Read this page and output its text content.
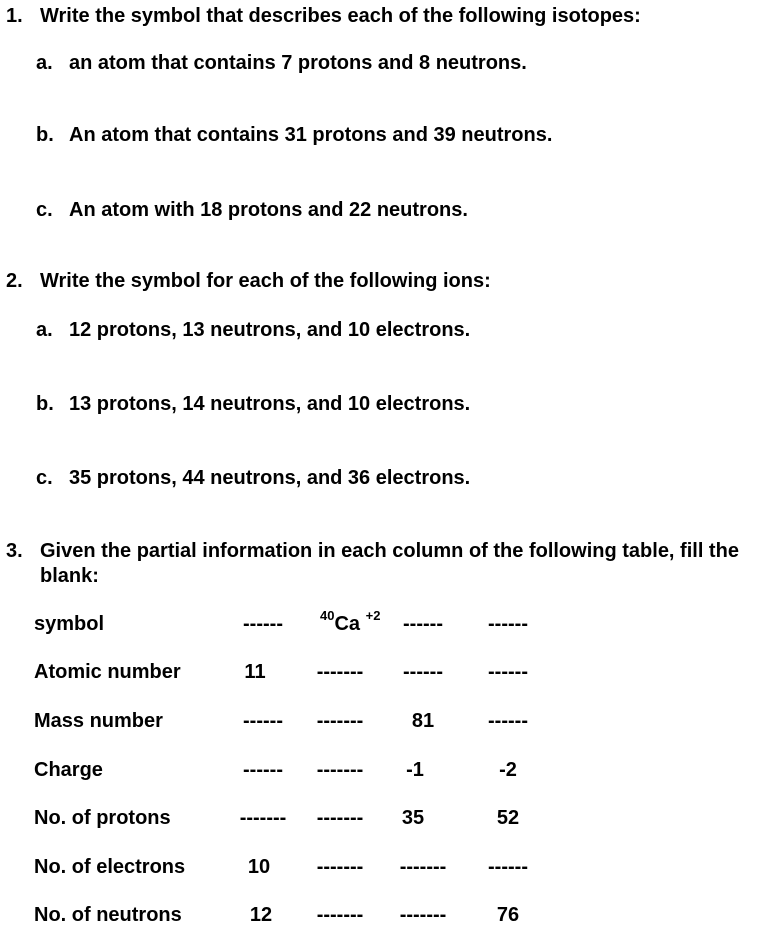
1. Write the symbol that describes each of the following isotopes:
a. an atom that contains 7 protons and 8 neutrons.
b. An atom that contains 31 protons and 39 neutrons.
c. An atom with 18 protons and 22 neutrons.
2. Write the symbol for each of the following ions:
a. 12 protons, 13 neutrons, and 10 electrons.
b. 13 protons, 14 neutrons, and 10 electrons.
c. 35 protons, 44 neutrons, and 36 electrons.
3. Given the partial information in each column of the following table, fill the
blank:
symbol	------	$^{40}$Ca $^{+2}$	------	------
Atomic number	11	-------	------	------
Mass number	------	-------	81	------
Charge	------	-------	-1	-2
No. of protons	-------	-------	35	52
No. of electrons	10	-------	-------	------
No. of neutrons	12	-------	-------	76
